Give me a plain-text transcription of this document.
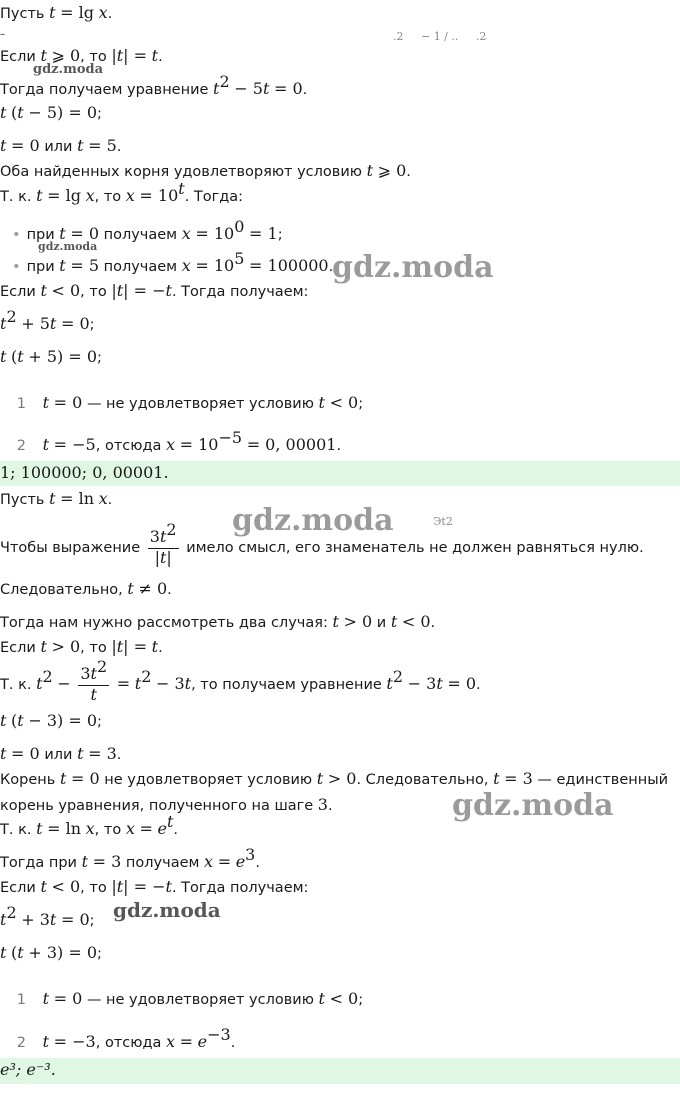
Пусть t = lg x.
–	.2     − 1 / ..     .2
Если t ⩾ 0, то |t| = t.
Тогда получаем уравнение $t^2 - 5t = 0$.
t (t − 5) = 0;
t = 0 или t = 5.
Оба найденных корня удовлетворяют условию t ⩾ 0.
Т. к. t = lg x, то $x = 10^t$. Тогда:
• при t = 0 получаем $x = 10^0 = 1$;
• при t = 5 получаем $x = 10^5 = 100000$.
Если t < 0, то |t| = −t. Тогда получаем:
$t^2 + 5t = 0$;
t (t + 5) = 0;
1 t = 0 — не удовлетворяет условию t < 0;
2 t = −5, отсюда $x = 10^{-5} = 0$, 00001.
1; 100000; 0, 00001.
Пусть t = ln x.
Чтобы выражение $\frac{3t^2}{|t|}$ имело смысл, его знаменатель не должен равняться нулю.
Следовательно, t ≠ 0.
Тогда нам нужно рассмотреть два случая: t > 0 и t < 0.
Если t > 0, то |t| = t.
Т. к. $t^2 - \frac{3t^2}{t} = t^2 - 3t$, то получаем уравнение $t^2 - 3t = 0$.
t (t − 3) = 0;
t = 0 или t = 3.
Корень t = 0 не удовлетворяет условию t > 0. Следовательно, t = 3 — единственный
корень уравнения, полученного на шаге 3.
Т. к. t = ln x, то $x = e^t$.
Тогда при t = 3 получаем $x = e^3$.
Если t < 0, то |t| = −t. Тогда получаем:
$t^2 + 3t = 0$;
t (t + 3) = 0;
1 t = 0 — не удовлетворяет условию t < 0;
2 t = −3, отсюда $x = e^{-3}$.
e³; e⁻³.
gdz.moda
gdz.moda
gdz.moda
gdz.moda	Эt2
gdz.moda
gdz.moda
